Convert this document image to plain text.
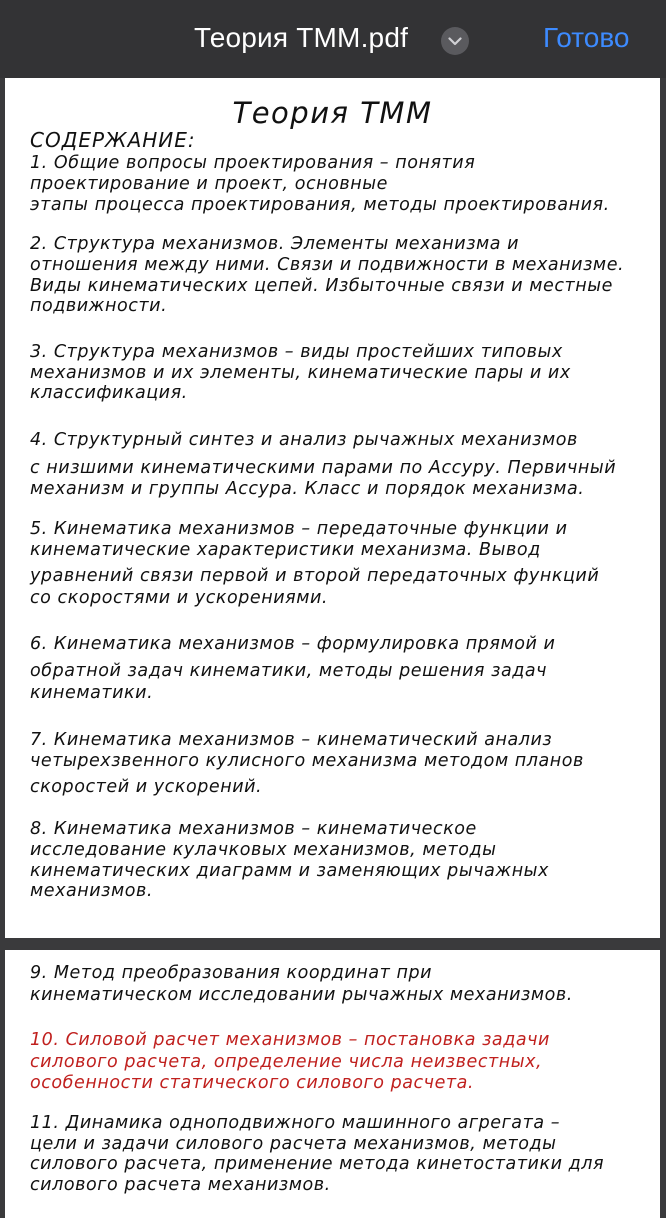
Теория ТММ.pdf	Готово
Теория ТММ
СОДЕРЖАНИЕ:
1. Общие вопросы проектирования – понятия
проектирование и проект, основные
этапы процесса проектирования, методы проектирования.
2. Структура механизмов. Элементы механизма и
отношения между ними. Связи и подвижности в механизме.
Виды кинематических цепей. Избыточные связи и местные
подвижности.
3. Структура механизмов – виды простейших типовых
механизмов и их элементы, кинематические пары и их
классификация.
4. Структурный синтез и анализ рычажных механизмов
с низшими кинематическими парами по Ассуру. Первичный
механизм и группы Ассура. Класс и порядок механизма.
5. Кинематика механизмов – передаточные функции и
кинематические характеристики механизма. Вывод
уравнений связи первой и второй передаточных функций
со скоростями и ускорениями.
6. Кинематика механизмов – формулировка прямой и
обратной задач кинематики, методы решения задач
кинематики.
7. Кинематика механизмов – кинематический анализ
четырехзвенного кулисного механизма методом планов
скоростей и ускорений.
8. Кинематика механизмов – кинематическое
исследование кулачковых механизмов, методы
кинематических диаграмм и заменяющих рычажных
механизмов.
9. Метод преобразования координат при
кинематическом исследовании рычажных механизмов.
10. Силовой расчет механизмов – постановка задачи
силового расчета, определение числа неизвестных,
особенности статического силового расчета.
11. Динамика одноподвижного машинного агрегата –
цели и задачи силового расчета механизмов, методы
силового расчета, применение метода кинетостатики для
силового расчета механизмов.
